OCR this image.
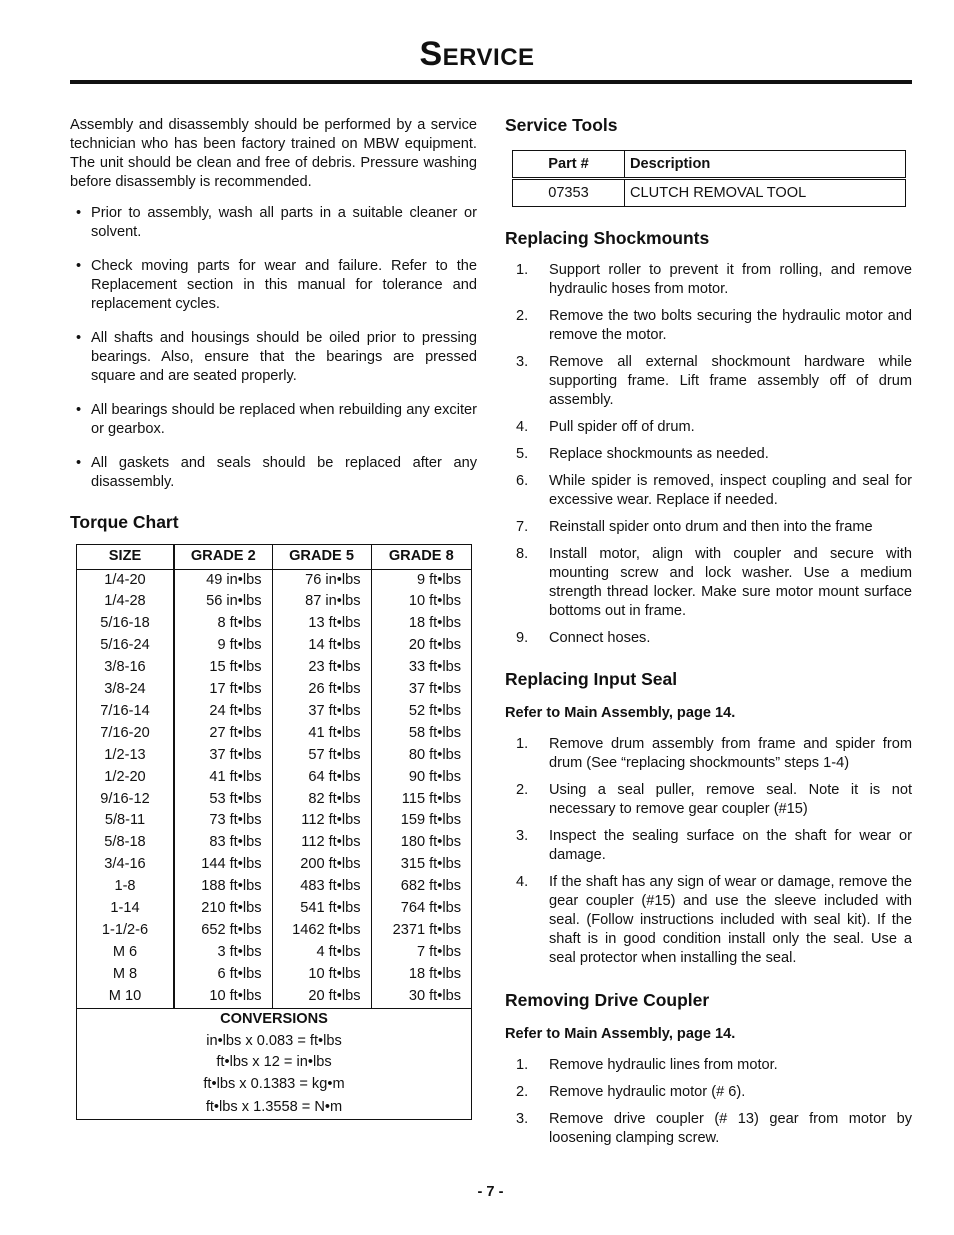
Service

Assembly and disassembly should be performed by a service technician who has been factory trained on MBW equipment. The unit should be clean and free of debris. Pressure washing before disassembly is recommended.

• Prior to assembly, wash all parts in a suitable cleaner or solvent.
• Check moving parts for wear and failure. Refer to the Replacement section in this manual for tolerance and replacement cycles.
• All shafts and housings should be oiled prior to pressing bearings. Also, ensure that the bearings are pressed square and are seated properly.
• All bearings should be replaced when rebuilding any exciter or gearbox.
• All gaskets and seals should be replaced after any disassembly.
Torque Chart
SIZE	GRADE 2	GRADE 5	GRADE 8
1/4-20	49 in•lbs	76 in•lbs	9 ft•lbs
1/4-28	56 in•lbs	87 in•lbs	10 ft•lbs
5/16-18	8 ft•lbs	13 ft•lbs	18 ft•lbs
5/16-24	9 ft•lbs	14 ft•lbs	20 ft•lbs
3/8-16	15 ft•lbs	23 ft•lbs	33 ft•lbs
3/8-24	17 ft•lbs	26 ft•lbs	37 ft•lbs
7/16-14	24 ft•lbs	37 ft•lbs	52 ft•lbs
7/16-20	27 ft•lbs	41 ft•lbs	58 ft•lbs
1/2-13	37 ft•lbs	57 ft•lbs	80 ft•lbs
1/2-20	41 ft•lbs	64 ft•lbs	90 ft•lbs
9/16-12	53 ft•lbs	82 ft•lbs	115 ft•lbs
5/8-11	73 ft•lbs	112 ft•lbs	159 ft•lbs
5/8-18	83 ft•lbs	112 ft•lbs	180 ft•lbs
3/4-16	144 ft•lbs	200 ft•lbs	315 ft•lbs
1-8	188 ft•lbs	483 ft•lbs	682 ft•lbs
1-14	210 ft•lbs	541 ft•lbs	764 ft•lbs
1-1/2-6	652 ft•lbs	1462 ft•lbs	2371 ft•lbs
M 6	3 ft•lbs	4 ft•lbs	7 ft•lbs
M 8	6 ft•lbs	10 ft•lbs	18 ft•lbs
M 10	10 ft•lbs	20 ft•lbs	30 ft•lbs
CONVERSIONS			
in•lbs x 0.083 = ft•lbs			
ft•lbs x 12 = in•lbs			
ft•lbs x 0.1383 = kg•m			
ft•lbs x 1.3558 = N•m			
Service Tools
Part #	Description
07353	CLUTCH REMOVAL TOOL
Replacing Shockmounts
1. Support roller to prevent it from rolling, and remove hydraulic hoses from motor.
2. Remove the two bolts securing the hydraulic motor and remove the motor.
3. Remove all external shockmount hardware while supporting frame. Lift frame assembly off of drum assembly.
4. Pull spider off of drum.
5. Replace shockmounts as needed.
6. While spider is removed, inspect coupling and seal for excessive wear. Replace if needed.
7. Reinstall spider onto drum and then into the frame
8. Install motor, align with coupler and secure with mounting screw and lock washer. Use a medium strength thread locker. Make sure motor mount surface bottoms out in frame.
9. Connect hoses.
Replacing Input Seal
Refer to Main Assembly, page 14.
1. Remove drum assembly from frame and spider from drum (See “replacing shockmounts” steps 1-4)
2. Using a seal puller, remove seal. Note it is not necessary to remove gear coupler (#15)
3. Inspect the sealing surface on the shaft for wear or damage.
4. If the shaft has any sign of wear or damage, remove the gear coupler (#15) and use the sleeve included with seal. (Follow instructions included with seal kit). If the shaft is in good condition install only the seal. Use a seal protector when installing the seal.
Removing Drive Coupler
Refer to Main Assembly, page 14.
1. Remove hydraulic lines from motor.
2. Remove hydraulic motor (# 6).
3. Remove drive coupler (# 13) gear from motor by loosening clamping screw.
- 7 -
